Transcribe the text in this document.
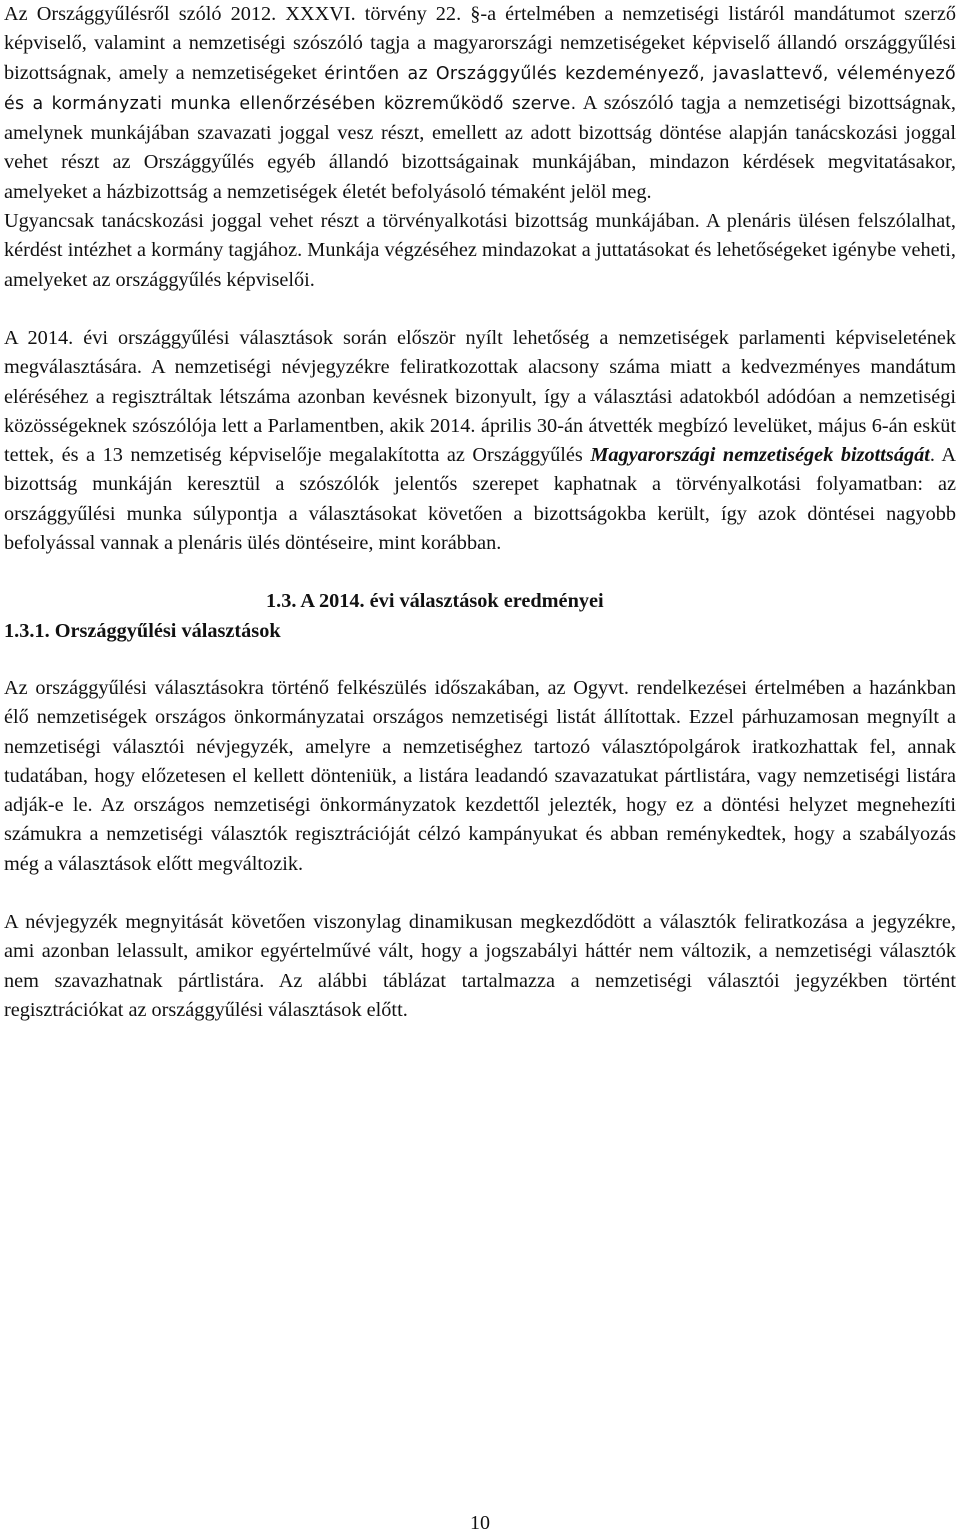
Az Országgyűlésről szóló 2012. XXXVI. törvény 22. §-a értelmében a nemzetiségi listáról mandátumot szerző képviselő, valamint a nemzetiségi szószóló tagja a magyarországi nemzetiségeket képviselő állandó országgyűlési bizottságnak, amely a nemzetiségeket érintően az Országgyűlés kezdeményező, javaslattevő, véleményező és a kormányzati munka ellenőrzésében közreműködő szerve. A szószóló tagja a nemzetiségi bizottságnak, amelynek munkájában szavazati joggal vesz részt, emellett az adott bizottság döntése alapján tanácskozási joggal vehet részt az Országgyűlés egyéb állandó bizottságainak munkájában, mindazon kérdések megvitatásakor, amelyeket a házbizottság a nemzetiségek életét befolyásoló témaként jelöl meg.

Ugyancsak tanácskozási joggal vehet részt a törvényalkotási bizottság munkájában. A plenáris ülésen felszólalhat, kérdést intézhet a kormány tagjához. Munkája végzéséhez mindazokat a juttatásokat és lehetőségeket igénybe veheti, amelyeket az országgyűlés képviselői.

A 2014. évi országgyűlési választások során először nyílt lehetőség a nemzetiségek parlamenti képviseletének megválasztására. A nemzetiségi névjegyzékre feliratkozottak alacsony száma miatt a kedvezményes mandátum eléréséhez a regisztráltak létszáma azonban kevésnek bizonyult, így a választási adatokból adódóan a nemzetiségi közösségeknek szószólója lett a Parlamentben, akik 2014. április 30-án átvették megbízó levelüket, május 6-án esküt tettek, és a 13 nemzetiség képviselője megalakította az Országgyűlés Magyarországi nemzetiségek bizottságát. A bizottság munkáján keresztül a szószólók jelentős szerepet kaphatnak a törvényalkotási folyamatban: az országgyűlési munka súlypontja a választásokat követően a bizottságokba került, így azok döntései nagyobb befolyással vannak a plenáris ülés döntéseire, mint korábban.

1.3. A 2014. évi választások eredményei

1.3.1. Országgyűlési választások

Az országgyűlési választásokra történő felkészülés időszakában, az Ogyvt. rendelkezései értelmében a hazánkban élő nemzetiségek országos önkormányzatai országos nemzetiségi listát állítottak. Ezzel párhuzamosan megnyílt a nemzetiségi választói névjegyzék, amelyre a nemzetiséghez tartozó választópolgárok iratkozhattak fel, annak tudatában, hogy előzetesen el kellett dönteniük, a listára leadandó szavazatukat pártlistára, vagy nemzetiségi listára adják-e le. Az országos nemzetiségi önkormányzatok kezdettől jelezték, hogy ez a döntési helyzet megnehezíti számukra a nemzetiségi választók regisztrációját célzó kampányukat és abban reménykedtek, hogy a szabályozás még a választások előtt megváltozik.

A névjegyzék megnyitását követően viszonylag dinamikusan megkezdődött a választók feliratkozása a jegyzékre, ami azonban lelassult, amikor egyértelművé vált, hogy a jogszabályi háttér nem változik, a nemzetiségi választók nem szavazhatnak pártlistára. Az alábbi táblázat tartalmazza a nemzetiségi választói jegyzékben történt regisztrációkat az országgyűlési választások előtt.

10
